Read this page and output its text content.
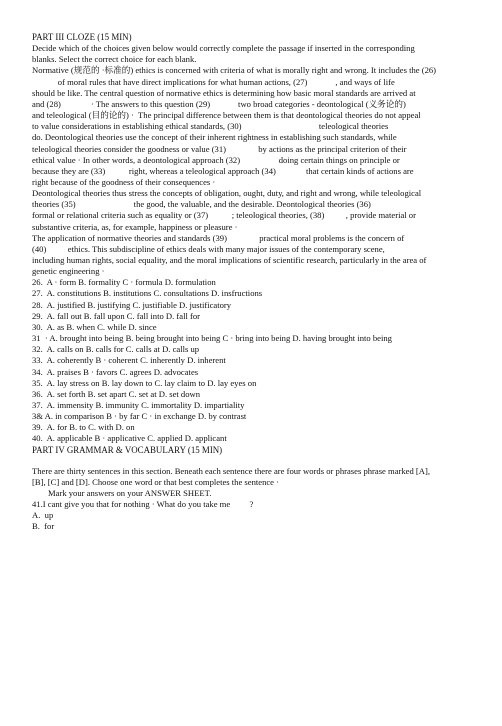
PART III CLOZE (15 MIN)
Decide which of the choices given below would correctly complete the passage if inserted in the corresponding
blanks. Select the correct choice for each blank.
Normative (规范的 ·标准的) ethics is concerned with criteria of what is morally right and wrong. It includes the (26)
of moral rules that have direct implications for what human actions, (27)             , and ways of life
should be like. The central question of normative ethics is determining how basic moral standards are arrived at
and (28)              · The answers to this question (29)             two broad categories - deontological (义务论的)
and teleological (目的论的) ·  The principal difference between them is that deontological theories do not appeal
to value considerations in establishing ethical standards, (30)                                    teleological theories
do. Deontological theories use the concept of their inherent rightness in establishing such standards, while
teleological theories consider the goodness or value (31)               by actions as the principal criterion of their
ethical value · In other words, a deontological approach (32)                  doing certain things on principle or
because they are (33)           right, whereas a teleological approach (34)              that certain kinds of actions are
right because of the goodness of their consequences ·
Deontological theories thus stress the concepts of obligation, ought, duty, and right and wrong, while teleological
theories (35)                           the good, the valuable, and the desirable. Deontological theories (36)
formal or relational criteria such as equality or (37)           ; teleological theories, (38)          , provide material or
substantive criteria, as, for example, happiness or pleasure ·
The application of normative theories and standards (39)               practical moral problems is the concern of
(40)          ethics. This subdiscipline of ethics deals with many major issues of the contemporary scene,
including human rights, social equality, and the moral implications of scientific research, particularly in the area of
genetic engineering ·
26.  A · form B. formality C · formula D. formulation
27.  A. constitutions B. institutions C. consultations D. insfructions
28.  A. justified B. justifying C. justifiable D. justificatory
29.  A. fall out B. fall upon C. fall into D. fall for
30.  A. as B. when C. while D. since
31  · A. brought into being B. being brought into being C · bring into being D. having brought into being
32.  A. calls on B. calls for C. calls at D. calls up
33.  A. coherently B · coherent C. inherently D. inherent
34.  A. praises B · favors C. agrees D. advocates
35.  A. lay stress on B. lay down to C. lay claim to D. lay eyes on
36.  A. set forth B. set apart C. set at D. set down
37.  A. immensity B. immunity C. immortality D. impartiality
3& A. in comparison B · by far C · in exchange D. by contrast
39.  A. for B. to C. with D. on
40.  A. applicable B · applicative C. applied D. applicant
PART IV GRAMMAR & VOCABULARY (15 MIN)
There are thirty sentences in this section. Beneath each sentence there are four words or phrases phrase marked [A],
[B], [C] and [D]. Choose one word or that best completes the sentence ·
Mark your answers on your ANSWER SHEET.
41.I cant give you that for nothing · What do you take me         ?
A.  up
B.  for
